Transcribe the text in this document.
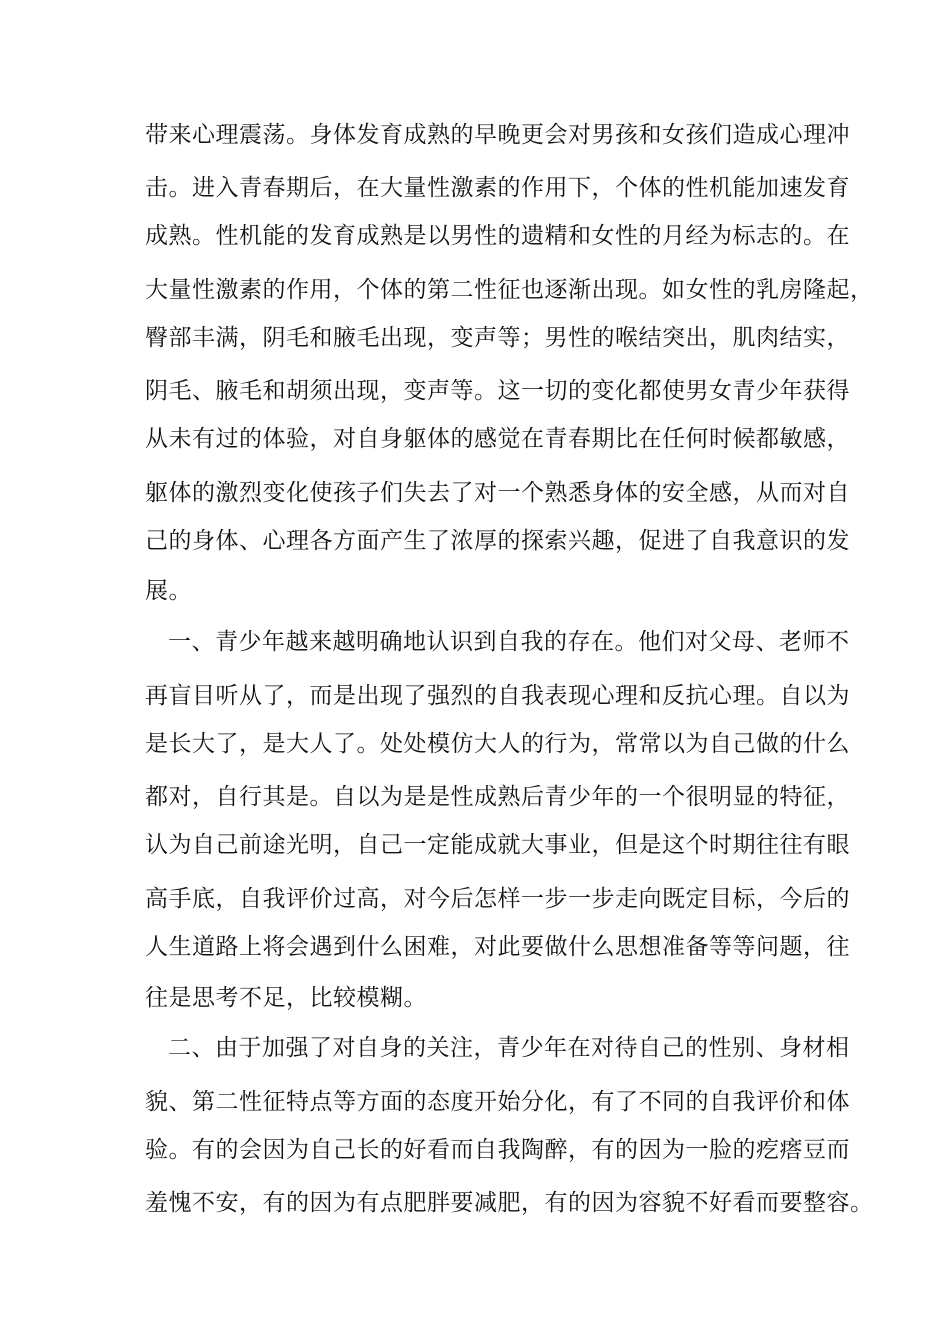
带来心理震荡。身体发育成熟的早晚更会对男孩和女孩们造成心理冲
击。进入青春期后，在大量性激素的作用下，个体的性机能加速发育
成熟。性机能的发育成熟是以男性的遗精和女性的月经为标志的。在
大量性激素的作用，个体的第二性征也逐渐出现。如女性的乳房隆起，
臀部丰满，阴毛和腋毛出现，变声等；男性的喉结突出，肌肉结实，
阴毛、腋毛和胡须出现，变声等。这一切的变化都使男女青少年获得
从未有过的体验，对自身躯体的感觉在青春期比在任何时候都敏感，
躯体的激烈变化使孩子们失去了对一个熟悉身体的安全感，从而对自
己的身体、心理各方面产生了浓厚的探索兴趣，促进了自我意识的发
展。
一、青少年越来越明确地认识到自我的存在。他们对父母、老师不
再盲目听从了，而是出现了强烈的自我表现心理和反抗心理。自以为
是长大了，是大人了。处处模仿大人的行为，常常以为自己做的什么
都对，自行其是。自以为是是性成熟后青少年的一个很明显的特征，
认为自己前途光明，自己一定能成就大事业，但是这个时期往往有眼
高手底，自我评价过高，对今后怎样一步一步走向既定目标，今后的
人生道路上将会遇到什么困难，对此要做什么思想准备等等问题，往
往是思考不足，比较模糊。
二、由于加强了对自身的关注，青少年在对待自己的性别、身材相
貌、第二性征特点等方面的态度开始分化，有了不同的自我评价和体
验。有的会因为自己长的好看而自我陶醉，有的因为一脸的疙瘩豆而
羞愧不安，有的因为有点肥胖要减肥，有的因为容貌不好看而要整容。
